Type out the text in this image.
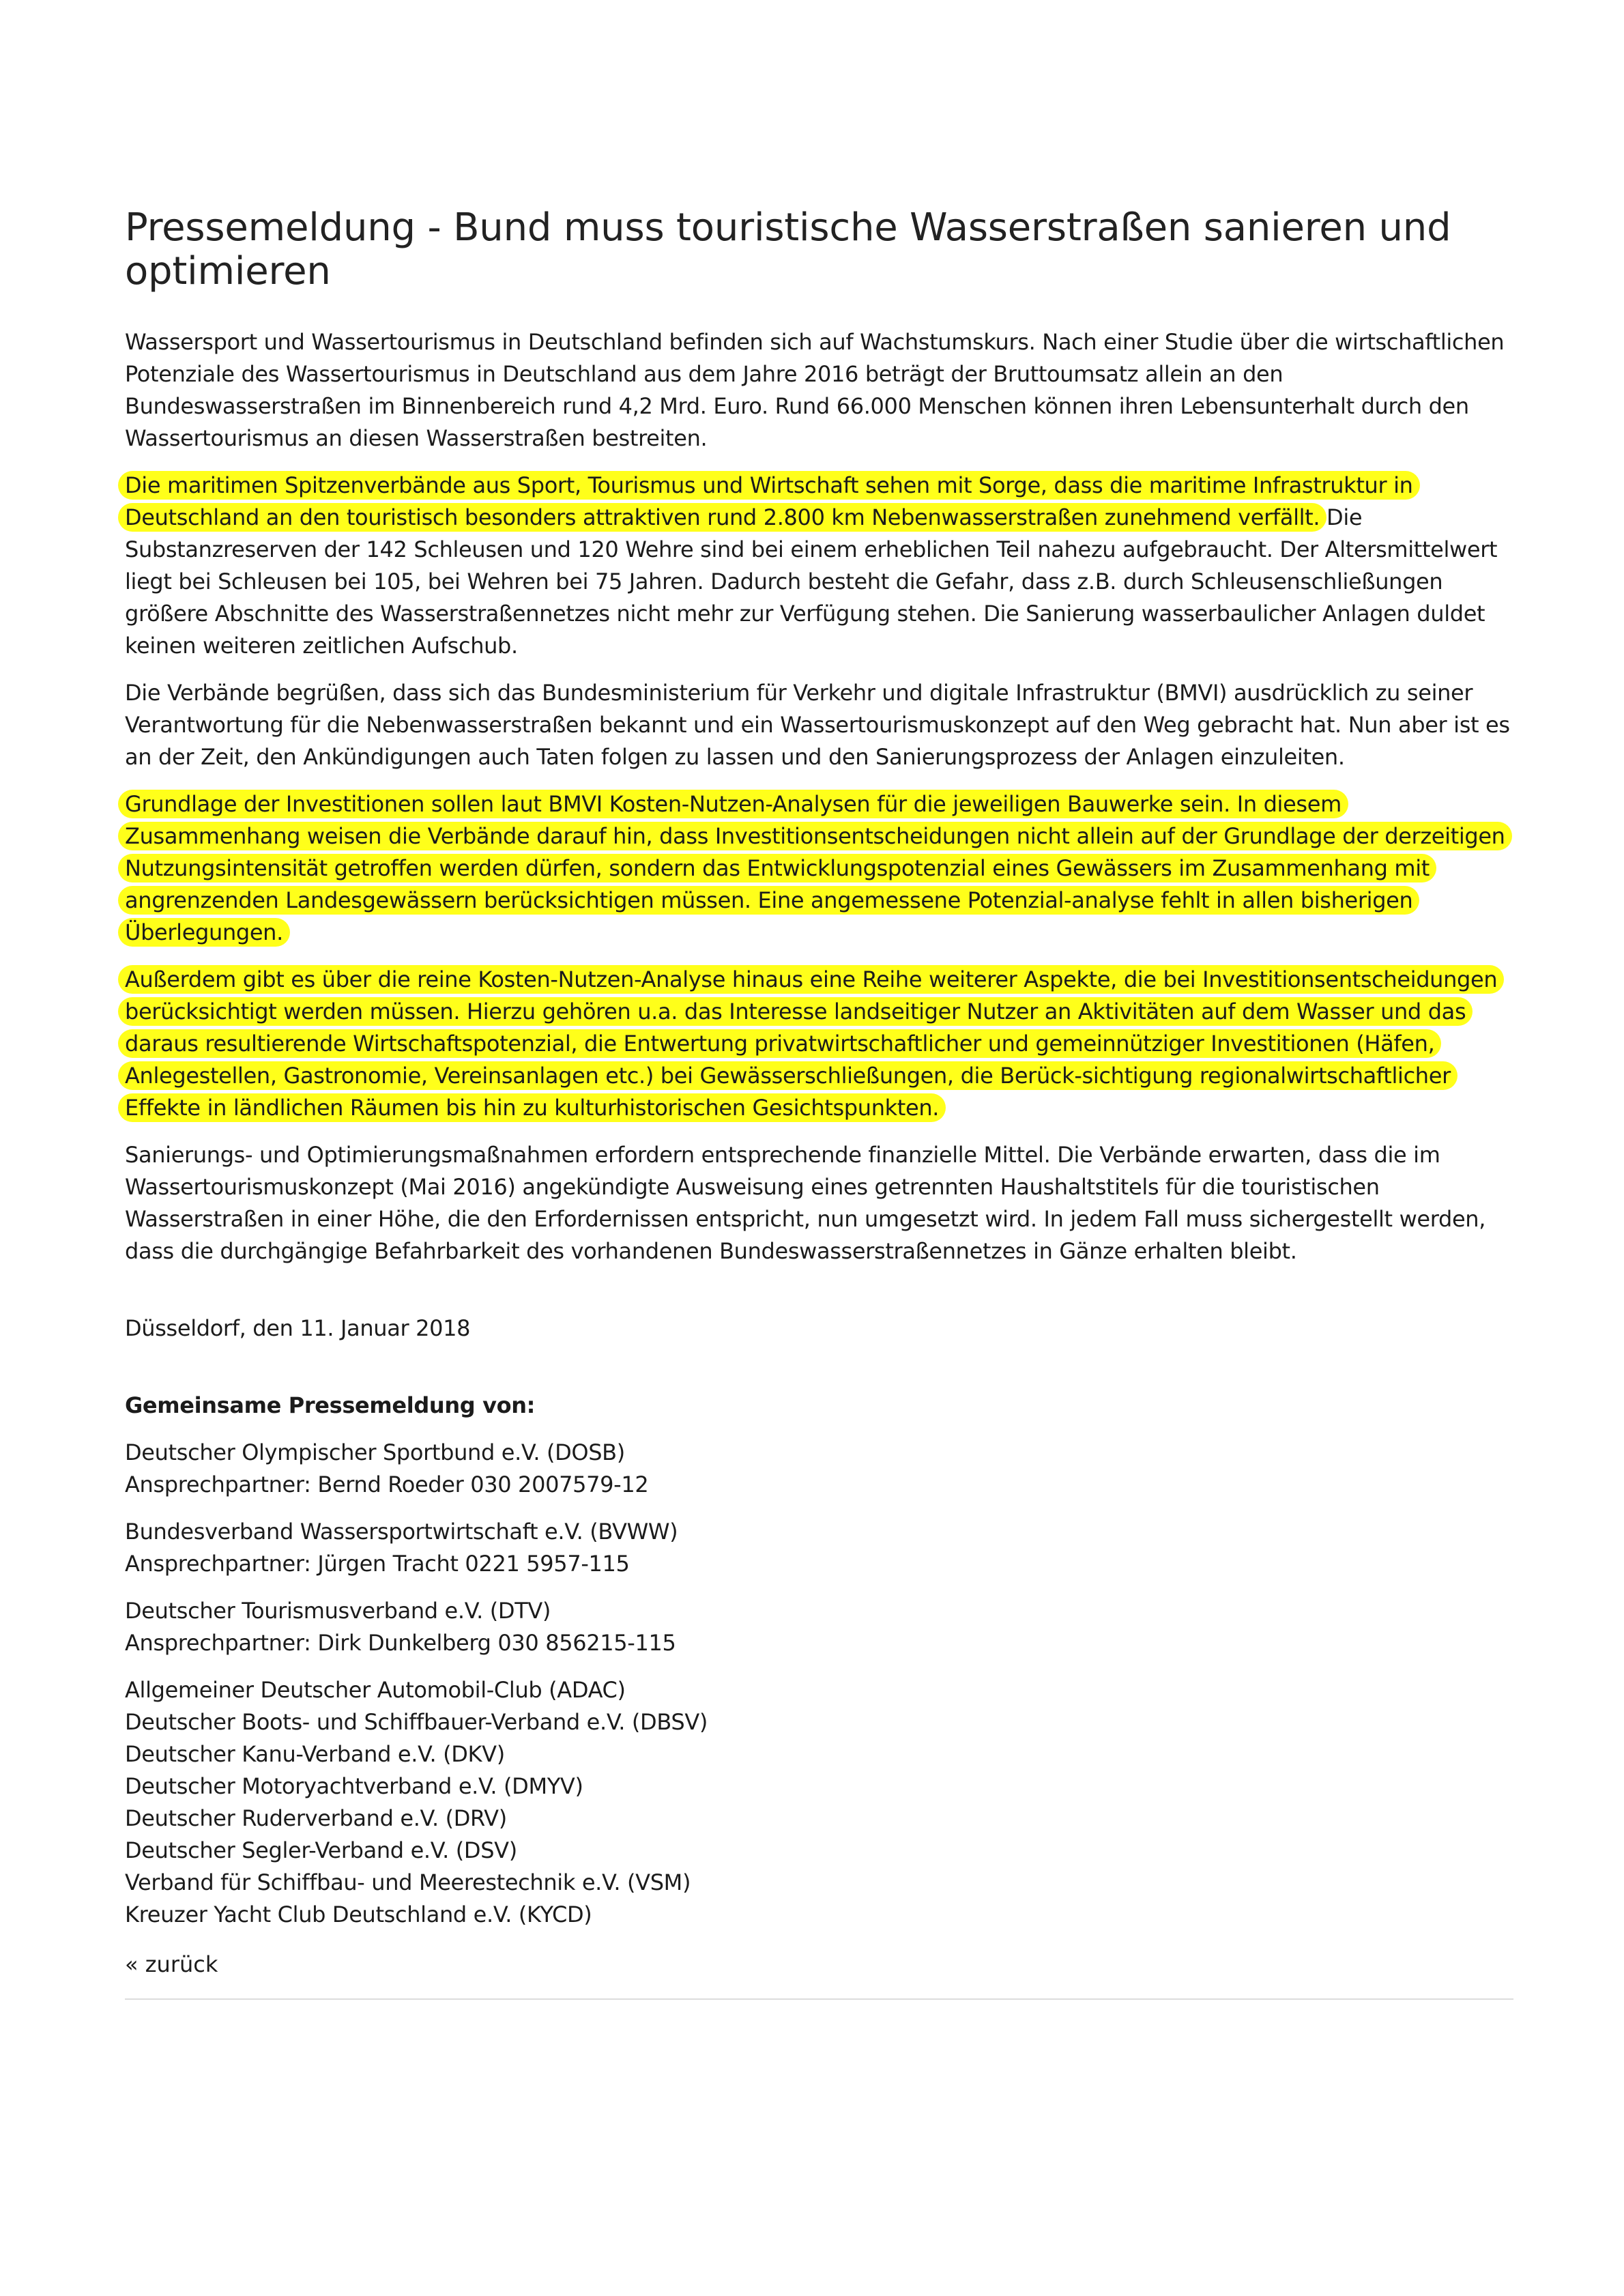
Pressemeldung - Bund muss touristische Wasserstraßen sanieren und optimieren

Wassersport und Wassertourismus in Deutschland befinden sich auf Wachstumskurs. Nach einer Studie über die wirtschaftlichen Potenziale des Wassertourismus in Deutschland aus dem Jahre 2016 beträgt der Bruttoumsatz allein an den Bundeswasserstraßen im Binnenbereich rund 4,2 Mrd. Euro. Rund 66.000 Menschen können ihren Lebensunterhalt durch den Wassertourismus an diesen Wasserstraßen bestreiten.

Die maritimen Spitzenverbände aus Sport, Tourismus und Wirtschaft sehen mit Sorge, dass die maritime Infrastruktur in Deutschland an den touristisch besonders attraktiven rund 2.800 km Nebenwasserstraßen zunehmend verfällt. Die Substanzreserven der 142 Schleusen und 120 Wehre sind bei einem erheblichen Teil nahezu aufgebraucht. Der Altersmittelwert liegt bei Schleusen bei 105, bei Wehren bei 75 Jahren. Dadurch besteht die Gefahr, dass z.B. durch Schleusenschließungen größere Abschnitte des Wasserstraßennetzes nicht mehr zur Verfügung stehen. Die Sanierung wasserbaulicher Anlagen duldet keinen weiteren zeitlichen Aufschub.

Die Verbände begrüßen, dass sich das Bundesministerium für Verkehr und digitale Infrastruktur (BMVI) ausdrücklich zu seiner Verantwortung für die Nebenwasserstraßen bekannt und ein Wassertourismuskonzept auf den Weg gebracht hat. Nun aber ist es an der Zeit, den Ankündigungen auch Taten folgen zu lassen und den Sanierungsprozess der Anlagen einzuleiten.

Grundlage der Investitionen sollen laut BMVI Kosten-Nutzen-Analysen für die jeweiligen Bauwerke sein. In diesem Zusammenhang weisen die Verbände darauf hin, dass Investitionsentscheidungen nicht allein auf der Grundlage der derzeitigen Nutzungsintensität getroffen werden dürfen, sondern das Entwicklungspotenzial eines Gewässers im Zusammenhang mit angrenzenden Landesgewässern berücksichtigen müssen. Eine angemessene Potenzial-analyse fehlt in allen bisherigen Überlegungen.

Außerdem gibt es über die reine Kosten-Nutzen-Analyse hinaus eine Reihe weiterer Aspekte, die bei Investitionsentscheidungen berücksichtigt werden müssen. Hierzu gehören u.a. das Interesse landseitiger Nutzer an Aktivitäten auf dem Wasser und das daraus resultierende Wirtschaftspotenzial, die Entwertung privatwirtschaftlicher und gemeinnütziger Investitionen (Häfen, Anlegestellen, Gastronomie, Vereinsanlagen etc.) bei Gewässerschließungen, die Berück-sichtigung regionalwirtschaftlicher Effekte in ländlichen Räumen bis hin zu kulturhistorischen Gesichtspunkten.

Sanierungs- und Optimierungsmaßnahmen erfordern entsprechende finanzielle Mittel. Die Verbände erwarten, dass die im Wassertourismuskonzept (Mai 2016) angekündigte Ausweisung eines getrennten Haushaltstitels für die touristischen Wasserstraßen in einer Höhe, die den Erfordernissen entspricht, nun umgesetzt wird. In jedem Fall muss sichergestellt werden, dass die durchgängige Befahrbarkeit des vorhandenen Bundeswasserstraßennetzes in Gänze erhalten bleibt.

Düsseldorf, den 11. Januar 2018

Gemeinsame Pressemeldung von:

Deutscher Olympischer Sportbund e.V. (DOSB)

Ansprechpartner: Bernd Roeder 030 2007579-12

Bundesverband Wassersportwirtschaft e.V. (BVWW)

Ansprechpartner: Jürgen Tracht 0221 5957-115

Deutscher Tourismusverband e.V. (DTV)

Ansprechpartner: Dirk Dunkelberg 030 856215-115

Allgemeiner Deutscher Automobil-Club (ADAC)

Deutscher Boots- und Schiffbauer-Verband e.V. (DBSV)

Deutscher Kanu-Verband e.V. (DKV)

Deutscher Motoryachtverband e.V. (DMYV)

Deutscher Ruderverband e.V. (DRV)

Deutscher Segler-Verband e.V. (DSV)

Verband für Schiffbau- und Meerestechnik e.V. (VSM)

Kreuzer Yacht Club Deutschland e.V. (KYCD)

« zurück
